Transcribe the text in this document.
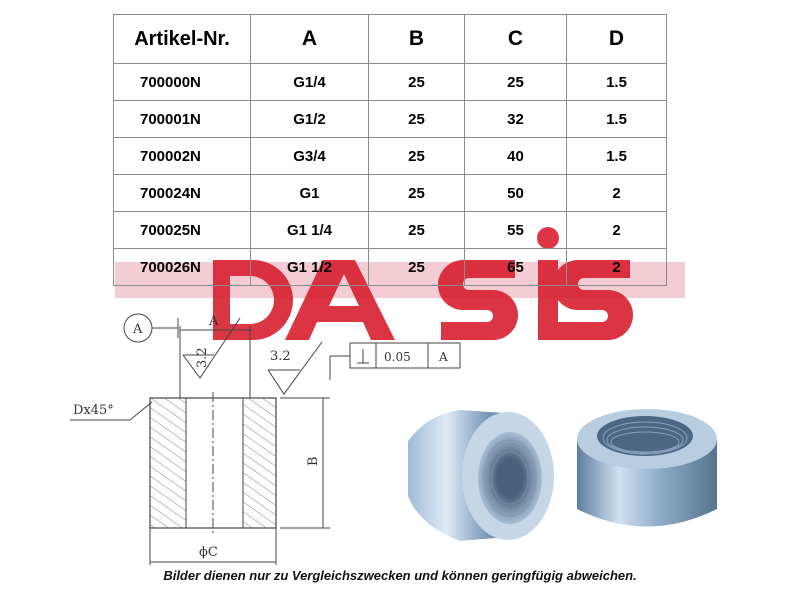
Artikel-Nr.	A	B	C	D
700000N	G1/4	25	25	1.5
700001N	G1/2	25	32	1.5
700002N	G3/4	25	40	1.5
700024N	G1	25	50	2
700025N	G1 1/4	25	55	2
700026N	G1 1/2	25	65	2
A
A
3.2	3.2	0.05 A
Dx45°
B
ϕC
Bilder dienen nur zu Vergleichszwecken und können geringfügig abweichen.
